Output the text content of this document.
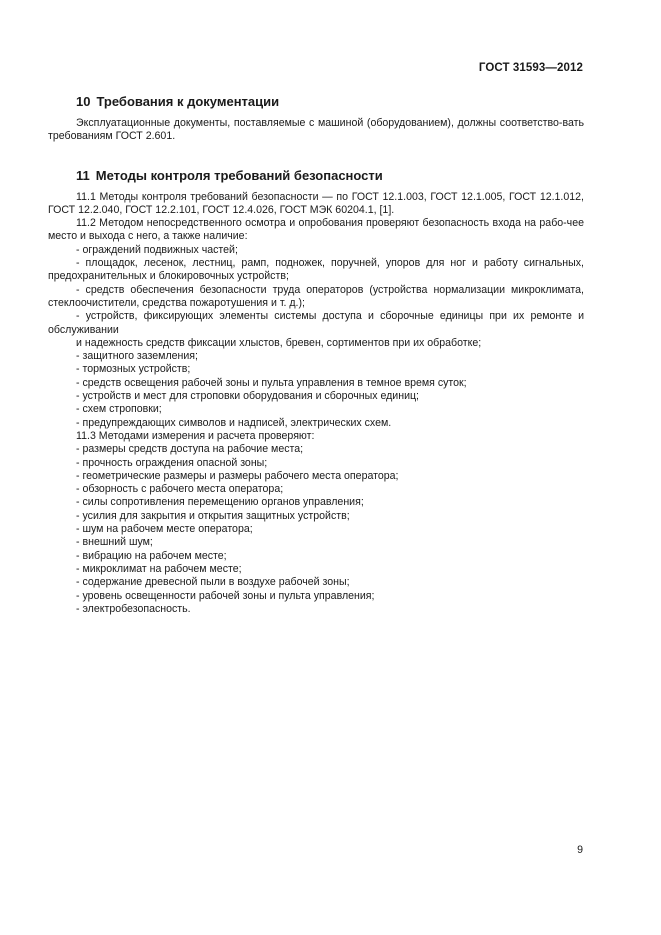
ГОСТ 31593—2012
10 Требования к документации

Эксплуатационные документы, поставляемые с машиной (оборудованием), должны соответство-вать требованиям ГОСТ 2.601.

11 Методы контроля требований безопасности

11.1 Методы контроля требований безопасности — по ГОСТ 12.1.003, ГОСТ 12.1.005, ГОСТ 12.1.012, ГОСТ 12.2.040, ГОСТ 12.2.101, ГОСТ 12.4.026, ГОСТ МЭК 60204.1, [1].

11.2 Методом непосредственного осмотра и опробования проверяют безопасность входа на рабо-чее место и выхода с него, а также наличие:

- ограждений подвижных частей;

- площадок, лесенок, лестниц, рамп, подножек, поручней, упоров для ног и работу сигнальных, предохранительных и блокировочных устройств;

- средств обеспечения безопасности труда операторов (устройства нормализации микроклимата, стеклоочистители, средства пожаротушения и т. д.);

- устройств, фиксирующих элементы системы доступа и сборочные единицы при их ремонте и обслуживании

и надежность средств фиксации хлыстов, бревен, сортиментов при их обработке;

- защитного заземления;

- тормозных устройств;

- средств освещения рабочей зоны и пульта управления в темное время суток;

- устройств и мест для строповки оборудования и сборочных единиц;

- схем строповки;

- предупреждающих символов и надписей, электрических схем.

11.3 Методами измерения и расчета проверяют:

- размеры средств доступа на рабочие места;

- прочность ограждения опасной зоны;

- геометрические размеры и размеры рабочего места оператора;

- обзорность с рабочего места оператора;

- силы сопротивления перемещению органов управления;

- усилия для закрытия и открытия защитных устройств;

- шум на рабочем месте оператора;

- внешний шум;

- вибрацию на рабочем месте;

- микроклимат на рабочем месте;

- содержание древесной пыли в воздухе рабочей зоны;

- уровень освещенности рабочей зоны и пульта управления;

- электробезопасность.

9
